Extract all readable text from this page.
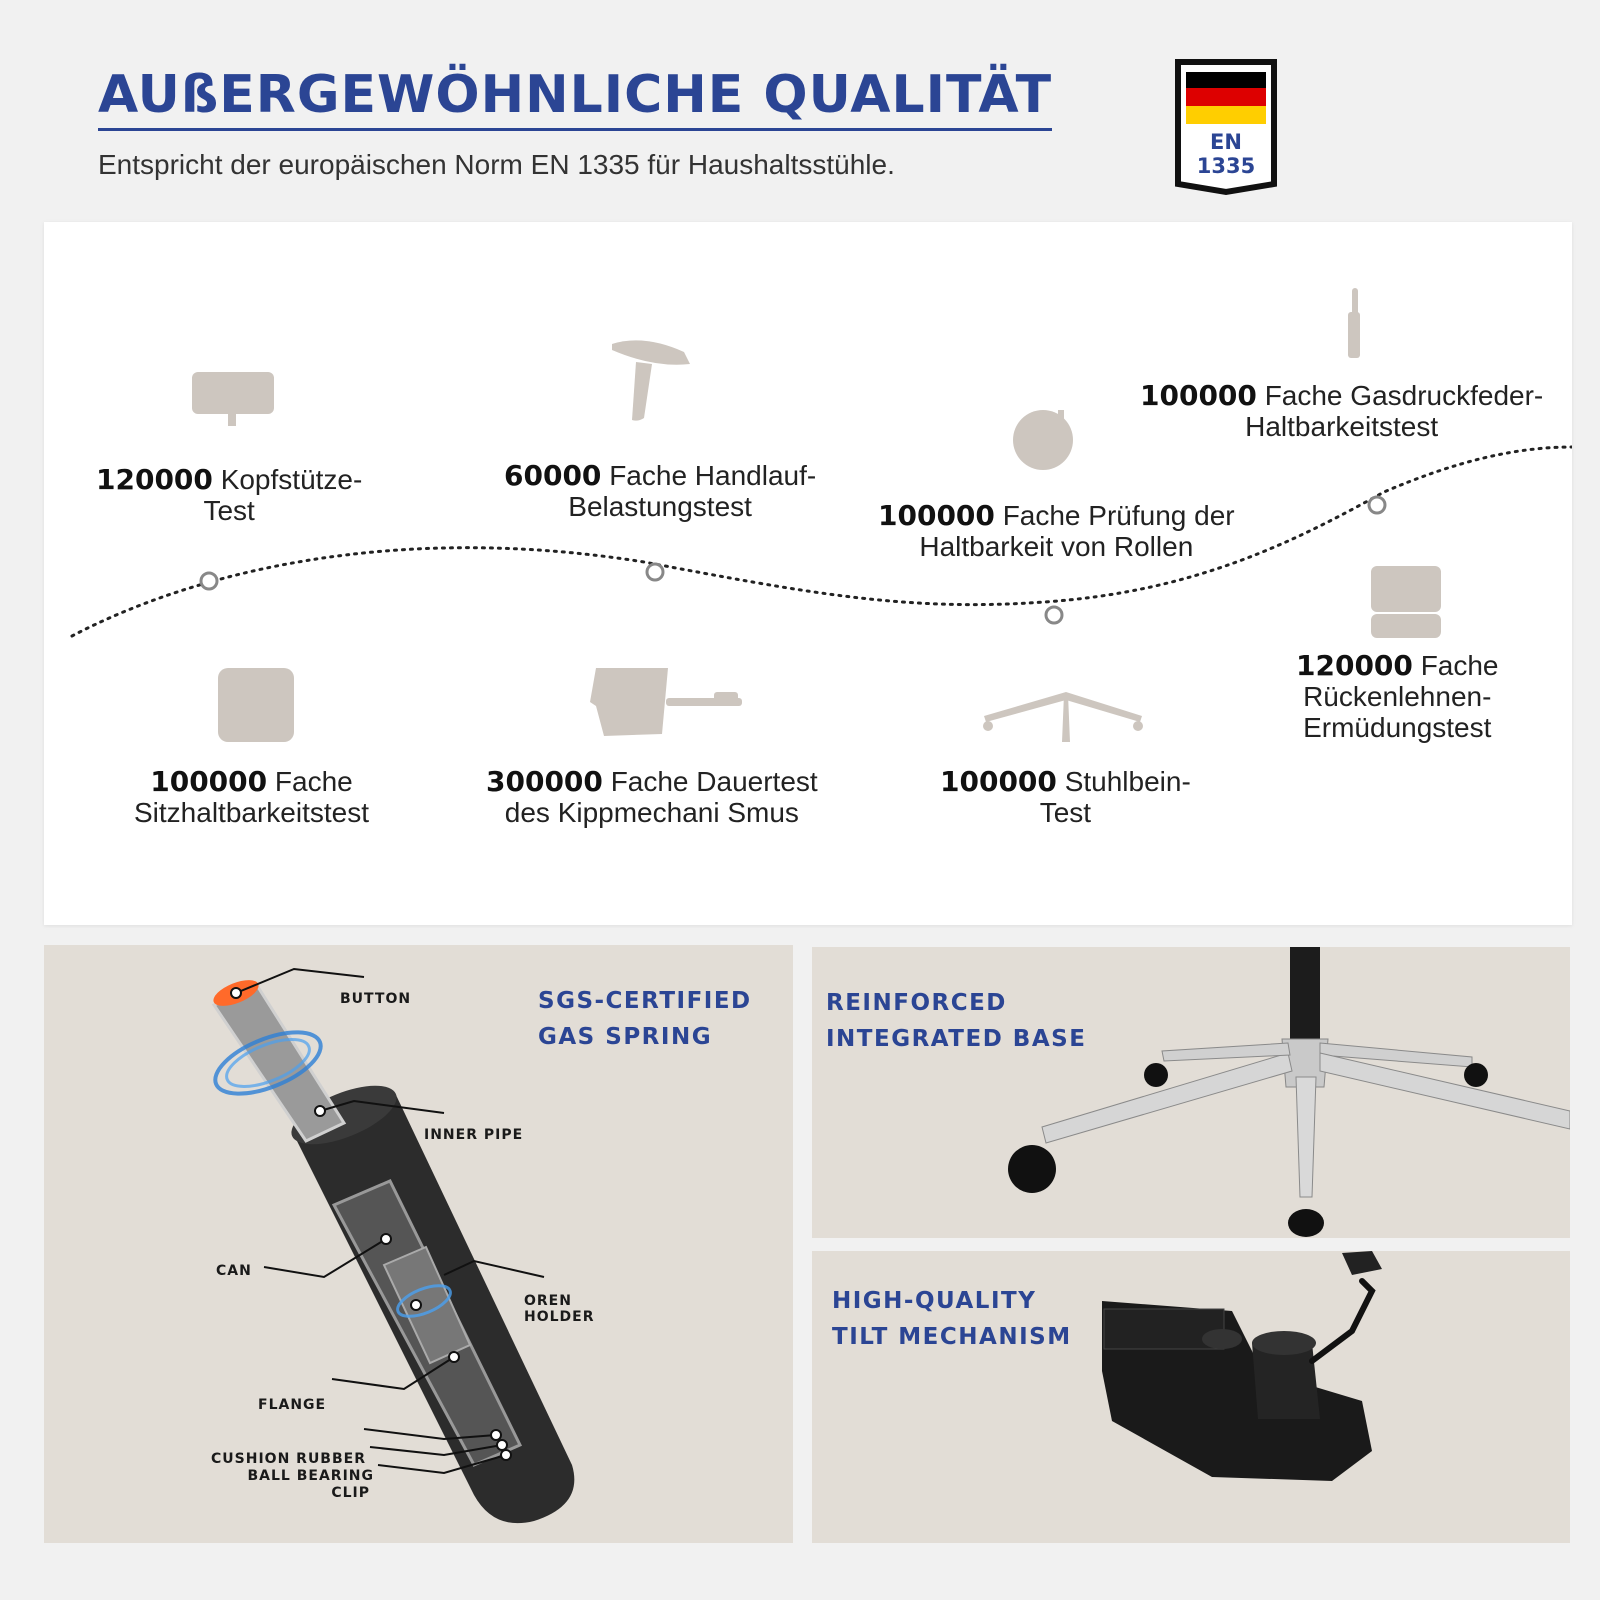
AUßERGEWÖHNLICHE QUALITÄT
Entspricht der europäischen Norm EN 1335 für Haushaltsstühle.
EN
1335
120000 Kopfstütze-
Test
60000 Fache Handlauf-
Belastungstest	100000 Fache Prüfung der
Haltbarkeit von Rollen
100000 Fache Gasdruckfeder-
Haltbarkeitstest
100000 Fache
Sitzhaltbarkeitstest
300000 Fache Dauertest
des Kippmechani Smus
100000 Stuhlbein-
Test
120000 Fache
Rückenlehnen-
Ermüdungstest
SGS-CERTIFIED
GAS SPRING
BUTTON
INNER PIPE
CAN
OREN
HOLDER
FLANGE
CUSHION RUBBER
BALL BEARING
CLIP
REINFORCED
INTEGRATED BASE
HIGH-QUALITY
TILT MECHANISM
